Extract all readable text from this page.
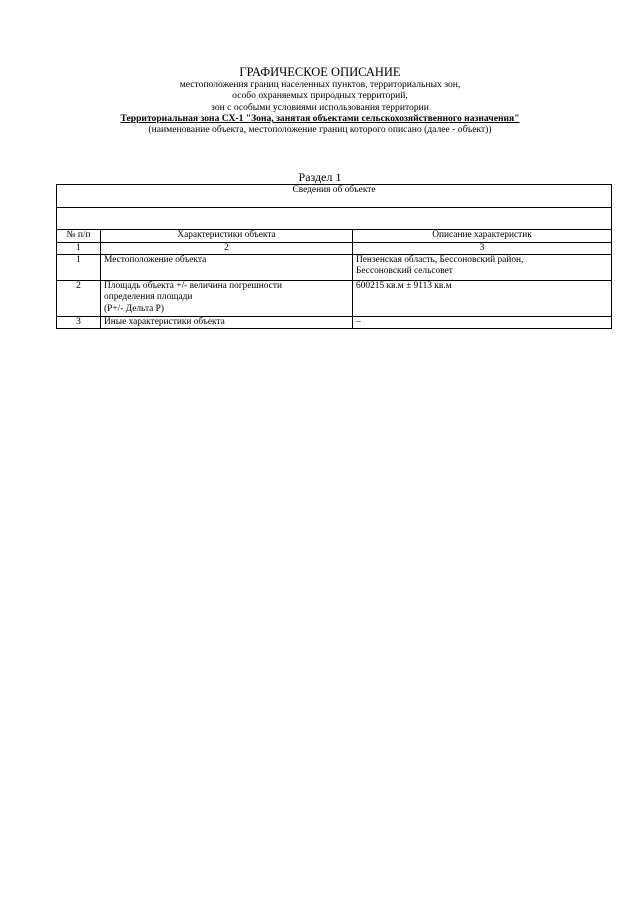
ГРАФИЧЕСКОЕ ОПИСАНИЕ
местоположения границ населенных пунктов, территориальных зон,
особо охраняемых природных территорий,
зон с особыми условиями использования территории
Территориальная зона СХ-1 "Зона, занятая объектами сельскохозяйственного назначения"
(наименование объекта, местоположение границ которого описано (далее - объект))
Раздел 1
Сведения об объекте		

№ п/п	Характеристики объекта	Описание характеристик
1	2	3
1	Местоположение объекта	Пензенская область, Бессоновский район,
Бессоновский сельсовет

2	Площадь объекта +/- величина погрешности
определения площади
(P+/- Дельта P)	600215 кв.м ± 9113 кв.м

3	Иные характеристики объекта	–
